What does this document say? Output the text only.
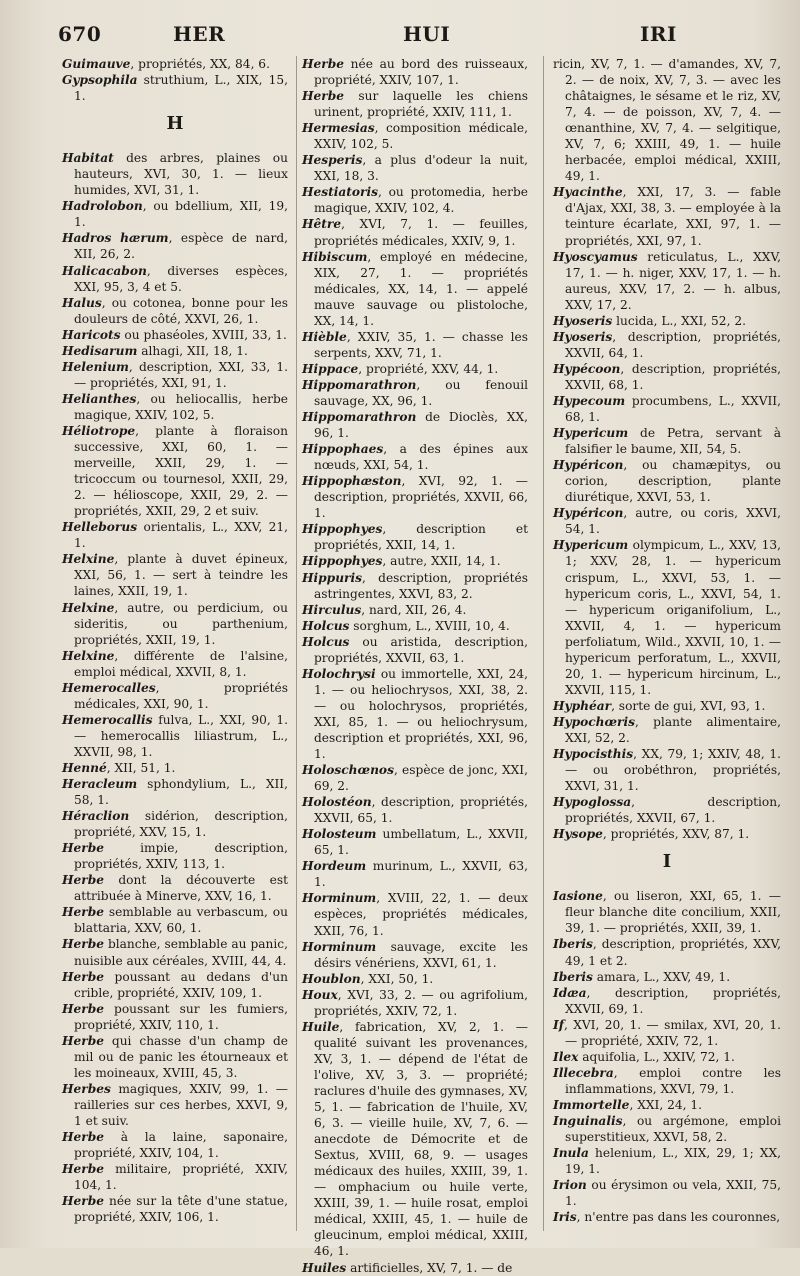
670	HER	HUI	IRI
Guimauve, propriétés, XX, 84, 6.
Gypsophila struthium, L., XIX, 15, 1.
H
Habitat des arbres, plaines ou hauteurs, XVI, 30, 1. — lieux humides, XVI, 31, 1.
Hadrolobon, ou bdellium, XII, 19, 1.
Hadros hærum, espèce de nard, XII, 26, 2.
Halicacabon, diverses espèces, XXI, 95, 3, 4 et 5.
Halus, ou cotonea, bonne pour les douleurs de côté, XXVI, 26, 1.
Haricots ou phaséoles, XVIII, 33, 1.
Hedisarum alhagi, XII, 18, 1.
Helenium, description, XXI, 33, 1. — propriétés, XXI, 91, 1.
Helianthes, ou heliocallis, herbe magique, XXIV, 102, 5.
Héliotrope, plante à floraison successive, XXI, 60, 1. — merveille, XXII, 29, 1. — tricoccum ou tournesol, XXII, 29, 2. — hélioscope, XXII, 29, 2. — propriétés, XXII, 29, 2 et suiv.
Helleborus orientalis, L., XXV, 21, 1.
Helxine, plante à duvet épineux, XXI, 56, 1. — sert à teindre les laines, XXII, 19, 1.
Helxine, autre, ou perdicium, ou sideritis, ou parthenium, propriétés, XXII, 19, 1.
Helxine, différente de l'alsine, emploi médical, XXVII, 8, 1.
Hemerocalles, propriétés médicales, XXI, 90, 1.
Hemerocallis fulva, L., XXI, 90, 1. — hemerocallis liliastrum, L., XXVII, 98, 1.
Henné, XII, 51, 1.
Heracleum sphondylium, L., XII, 58, 1.
Héraclion sidérion, description, propriété, XXV, 15, 1.
Herbe impie, description, propriétés, XXIV, 113, 1.
Herbe dont la découverte est attribuée à Minerve, XXV, 16, 1.
Herbe semblable au verbascum, ou blattaria, XXV, 60, 1.
Herbe blanche, semblable au panic, nuisible aux céréales, XVIII, 44, 4.
Herbe poussant au dedans d'un crible, propriété, XXIV, 109, 1.
Herbe poussant sur les fumiers, propriété, XXIV, 110, 1.
Herbe qui chasse d'un champ de mil ou de panic les étourneaux et les moineaux, XVIII, 45, 3.
Herbes magiques, XXIV, 99, 1. — railleries sur ces herbes, XXVI, 9, 1 et suiv.
Herbe à la laine, saponaire, propriété, XXIV, 104, 1.
Herbe militaire, propriété, XXIV, 104, 1.
Herbe née sur la tête d'une statue, propriété, XXIV, 106, 1.
Herbe née au bord des ruisseaux, propriété, XXIV, 107, 1.
Herbe sur laquelle les chiens urinent, propriété, XXIV, 111, 1.
Hermesias, composition médicale, XXIV, 102, 5.
Hesperis, a plus d'odeur la nuit, XXI, 18, 3.
Hestiatoris, ou protomedia, herbe magique, XXIV, 102, 4.
Hêtre, XVI, 7, 1. — feuilles, propriétés médicales, XXIV, 9, 1.
Hibiscum, employé en médecine, XIX, 27, 1. — propriétés médicales, XX, 14, 1. — appelé mauve sauvage ou plistoloche, XX, 14, 1.
Hièble, XXIV, 35, 1. — chasse les serpents, XXV, 71, 1.
Hippace, propriété, XXV, 44, 1.
Hippomarathron, ou fenouil sauvage, XX, 96, 1.
Hippomarathron de Dioclès, XX, 96, 1.
Hippophaes, a des épines aux nœuds, XXI, 54, 1.
Hippophæston, XVI, 92, 1. — description, propriétés, XXVII, 66, 1.
Hippophyes, description et propriétés, XXII, 14, 1.
Hippophyes, autre, XXII, 14, 1.
Hippuris, description, propriétés astringentes, XXVI, 83, 2.
Hirculus, nard, XII, 26, 4.
Holcus sorghum, L., XVIII, 10, 4.
Holcus ou aristida, description, propriétés, XXVII, 63, 1.
Holochrysi ou immortelle, XXI, 24, 1. — ou heliochrysos, XXI, 38, 2. — ou holochrysos, propriétés, XXI, 85, 1. — ou heliochrysum, description et propriétés, XXI, 96, 1.
Holoschœnos, espèce de jonc, XXI, 69, 2.
Holostéon, description, propriétés, XXVII, 65, 1.
Holosteum umbellatum, L., XXVII, 65, 1.
Hordeum murinum, L., XXVII, 63, 1.
Horminum, XVIII, 22, 1. — deux espèces, propriétés médicales, XXII, 76, 1.
Horminum sauvage, excite les désirs vénériens, XXVI, 61, 1.
Houblon, XXI, 50, 1.
Houx, XVI, 33, 2. — ou agrifolium, propriétés, XXIV, 72, 1.
Huile, fabrication, XV, 2, 1. — qualité suivant les provenances, XV, 3, 1. — dépend de l'état de l'olive, XV, 3, 3. — propriété; raclures d'huile des gymnases, XV, 5, 1. — fabrication de l'huile, XV, 6, 3. — vieille huile, XV, 7, 6. — anecdote de Démocrite et de Sextus, XVIII, 68, 9. — usages médicaux des huiles, XXIII, 39, 1. — omphacium ou huile verte, XXIII, 39, 1. — huile rosat, emploi médical, XXIII, 45, 1. — huile de gleucinum, emploi médical, XXIII, 46, 1.
Huiles artificielles, XV, 7, 1. — de
ricin, XV, 7, 1. — d'amandes, XV, 7, 2. — de noix, XV, 7, 3. — avec les châtaignes, le sésame et le riz, XV, 7, 4. — de poisson, XV, 7, 4. — œnanthine, XV, 7, 4. — selgitique, XV, 7, 6; XXIII, 49, 1. — huile herbacée, emploi médical, XXIII, 49, 1.
Hyacinthe, XXI, 17, 3. — fable d'Ajax, XXI, 38, 3. — employée à la teinture écarlate, XXI, 97, 1. — propriétés, XXI, 97, 1.
Hyoscyamus reticulatus, L., XXV, 17, 1. — h. niger, XXV, 17, 1. — h. aureus, XXV, 17, 2. — h. albus, XXV, 17, 2.
Hyoseris lucida, L., XXI, 52, 2.
Hyoseris, description, propriétés, XXVII, 64, 1.
Hypécoon, description, propriétés, XXVII, 68, 1.
Hypecoum procumbens, L., XXVII, 68, 1.
Hypericum de Petra, servant à falsifier le baume, XII, 54, 5.
Hypéricon, ou chamæpitys, ou corion, description, plante diurétique, XXVI, 53, 1.
Hypéricon, autre, ou coris, XXVI, 54, 1.
Hypericum olympicum, L., XXV, 13, 1; XXV, 28, 1. — hypericum crispum, L., XXVI, 53, 1. — hypericum coris, L., XXVI, 54, 1. — hypericum origanifolium, L., XXVII, 4, 1. — hypericum perfoliatum, Wild., XXVII, 10, 1. — hypericum perforatum, L., XXVII, 20, 1. — hypericum hircinum, L., XXVII, 115, 1.
Hyphéar, sorte de gui, XVI, 93, 1.
Hypochœris, plante alimentaire, XXI, 52, 2.
Hypocisthis, XX, 79, 1; XXIV, 48, 1. — ou orobéthron, propriétés, XXVI, 31, 1.
Hypoglossa, description, propriétés, XXVII, 67, 1.
Hysope, propriétés, XXV, 87, 1.
I
Iasione, ou liseron, XXI, 65, 1. — fleur blanche dite concilium, XXII, 39, 1. — propriétés, XXII, 39, 1.
Iberis, description, propriétés, XXV, 49, 1 et 2.
Iberis amara, L., XXV, 49, 1.
Idæa, description, propriétés, XXVII, 69, 1.
If, XVI, 20, 1. — smilax, XVI, 20, 1. — propriété, XXIV, 72, 1.
Ilex aquifolia, L., XXIV, 72, 1.
Illecebra, emploi contre les inflammations, XXVI, 79, 1.
Immortelle, XXI, 24, 1.
Inguinalis, ou argémone, emploi superstitieux, XXVI, 58, 2.
Inula helenium, L., XIX, 29, 1; XX, 19, 1.
Irion ou érysimon ou vela, XXII, 75, 1.
Iris, n'entre pas dans les couronnes,
